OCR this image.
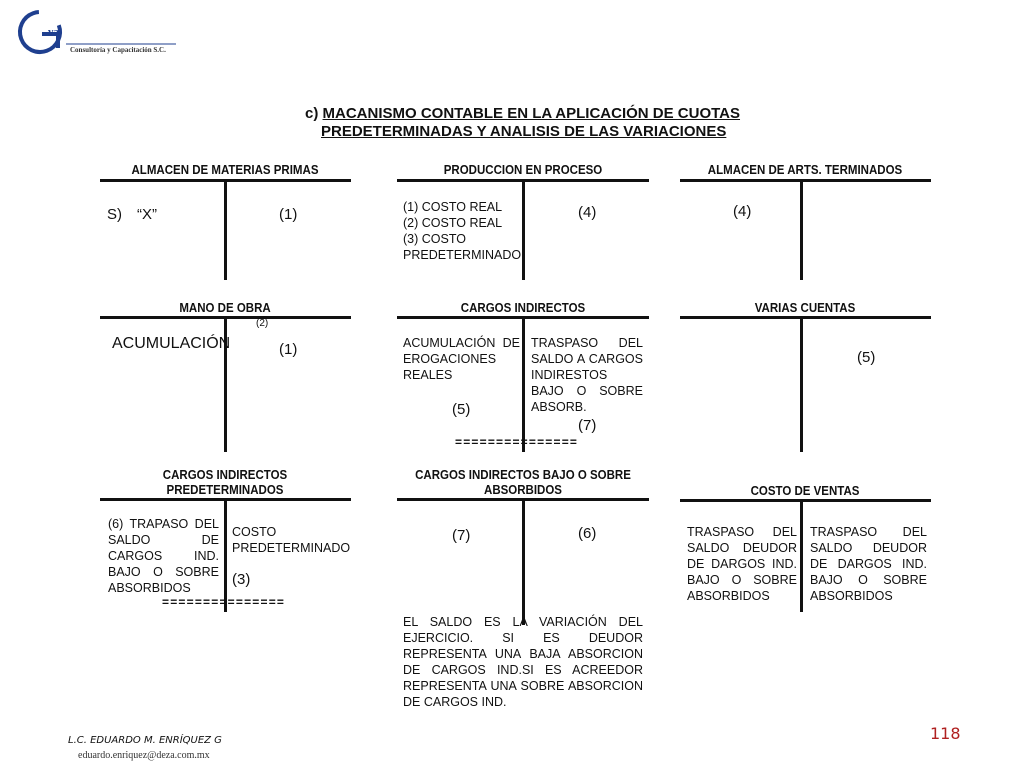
va
Consultoría y Capacitación S.C.
c) MACANISMO CONTABLE EN LA APLICACIÓN DE CUOTAS
PREDETERMINADAS Y ANALISIS DE LAS VARIACIONES
ALMACEN DE MATERIAS PRIMAS
S) “X”	(1)
PRODUCCION EN PROCESO
(1) COSTO REAL
(2) COSTO REAL
(3) COSTO
PREDETERMINADO
(4)
ALMACEN DE ARTS. TERMINADOS
(4)
MANO DE OBRA
(2)
ACUMULACIÓN	(1)
CARGOS INDIRECTOS
ACUMULACIÓN DE EROGACIONES REALES
(5)
TRASPASO DEL SALDO A CARGOS INDIRESTOS BAJO O SOBRE ABSORB.
(7)
===============
VARIAS CUENTAS
(5)
CARGOS INDIRECTOS
PREDETERMINADOS
(6) TRAPASO DEL SALDO DE CARGOS IND. BAJO O SOBRE ABSORBIDOS
COSTO PREDETERMINADO
(3)
===============
CARGOS INDIRECTOS BAJO O SOBRE
ABSORBIDOS
(7)	(6)
EL SALDO ES LA VARIACIÓN DEL EJERCICIO. SI ES DEUDOR REPRESENTA UNA BAJA ABSORCION DE CARGOS IND.SI ES ACREEDOR REPRESENTA UNA SOBRE ABSORCION DE CARGOS IND.
COSTO DE VENTAS
TRASPASO DEL SALDO DEUDOR DE DARGOS IND. BAJO O SOBRE ABSORBIDOS
TRASPASO DEL SALDO DEUDOR DE DARGOS IND. BAJO O SOBRE ABSORBIDOS
L.C. EDUARDO M. ENRÍQUEZ G
eduardo.enriquez@deza.com.mx
118
